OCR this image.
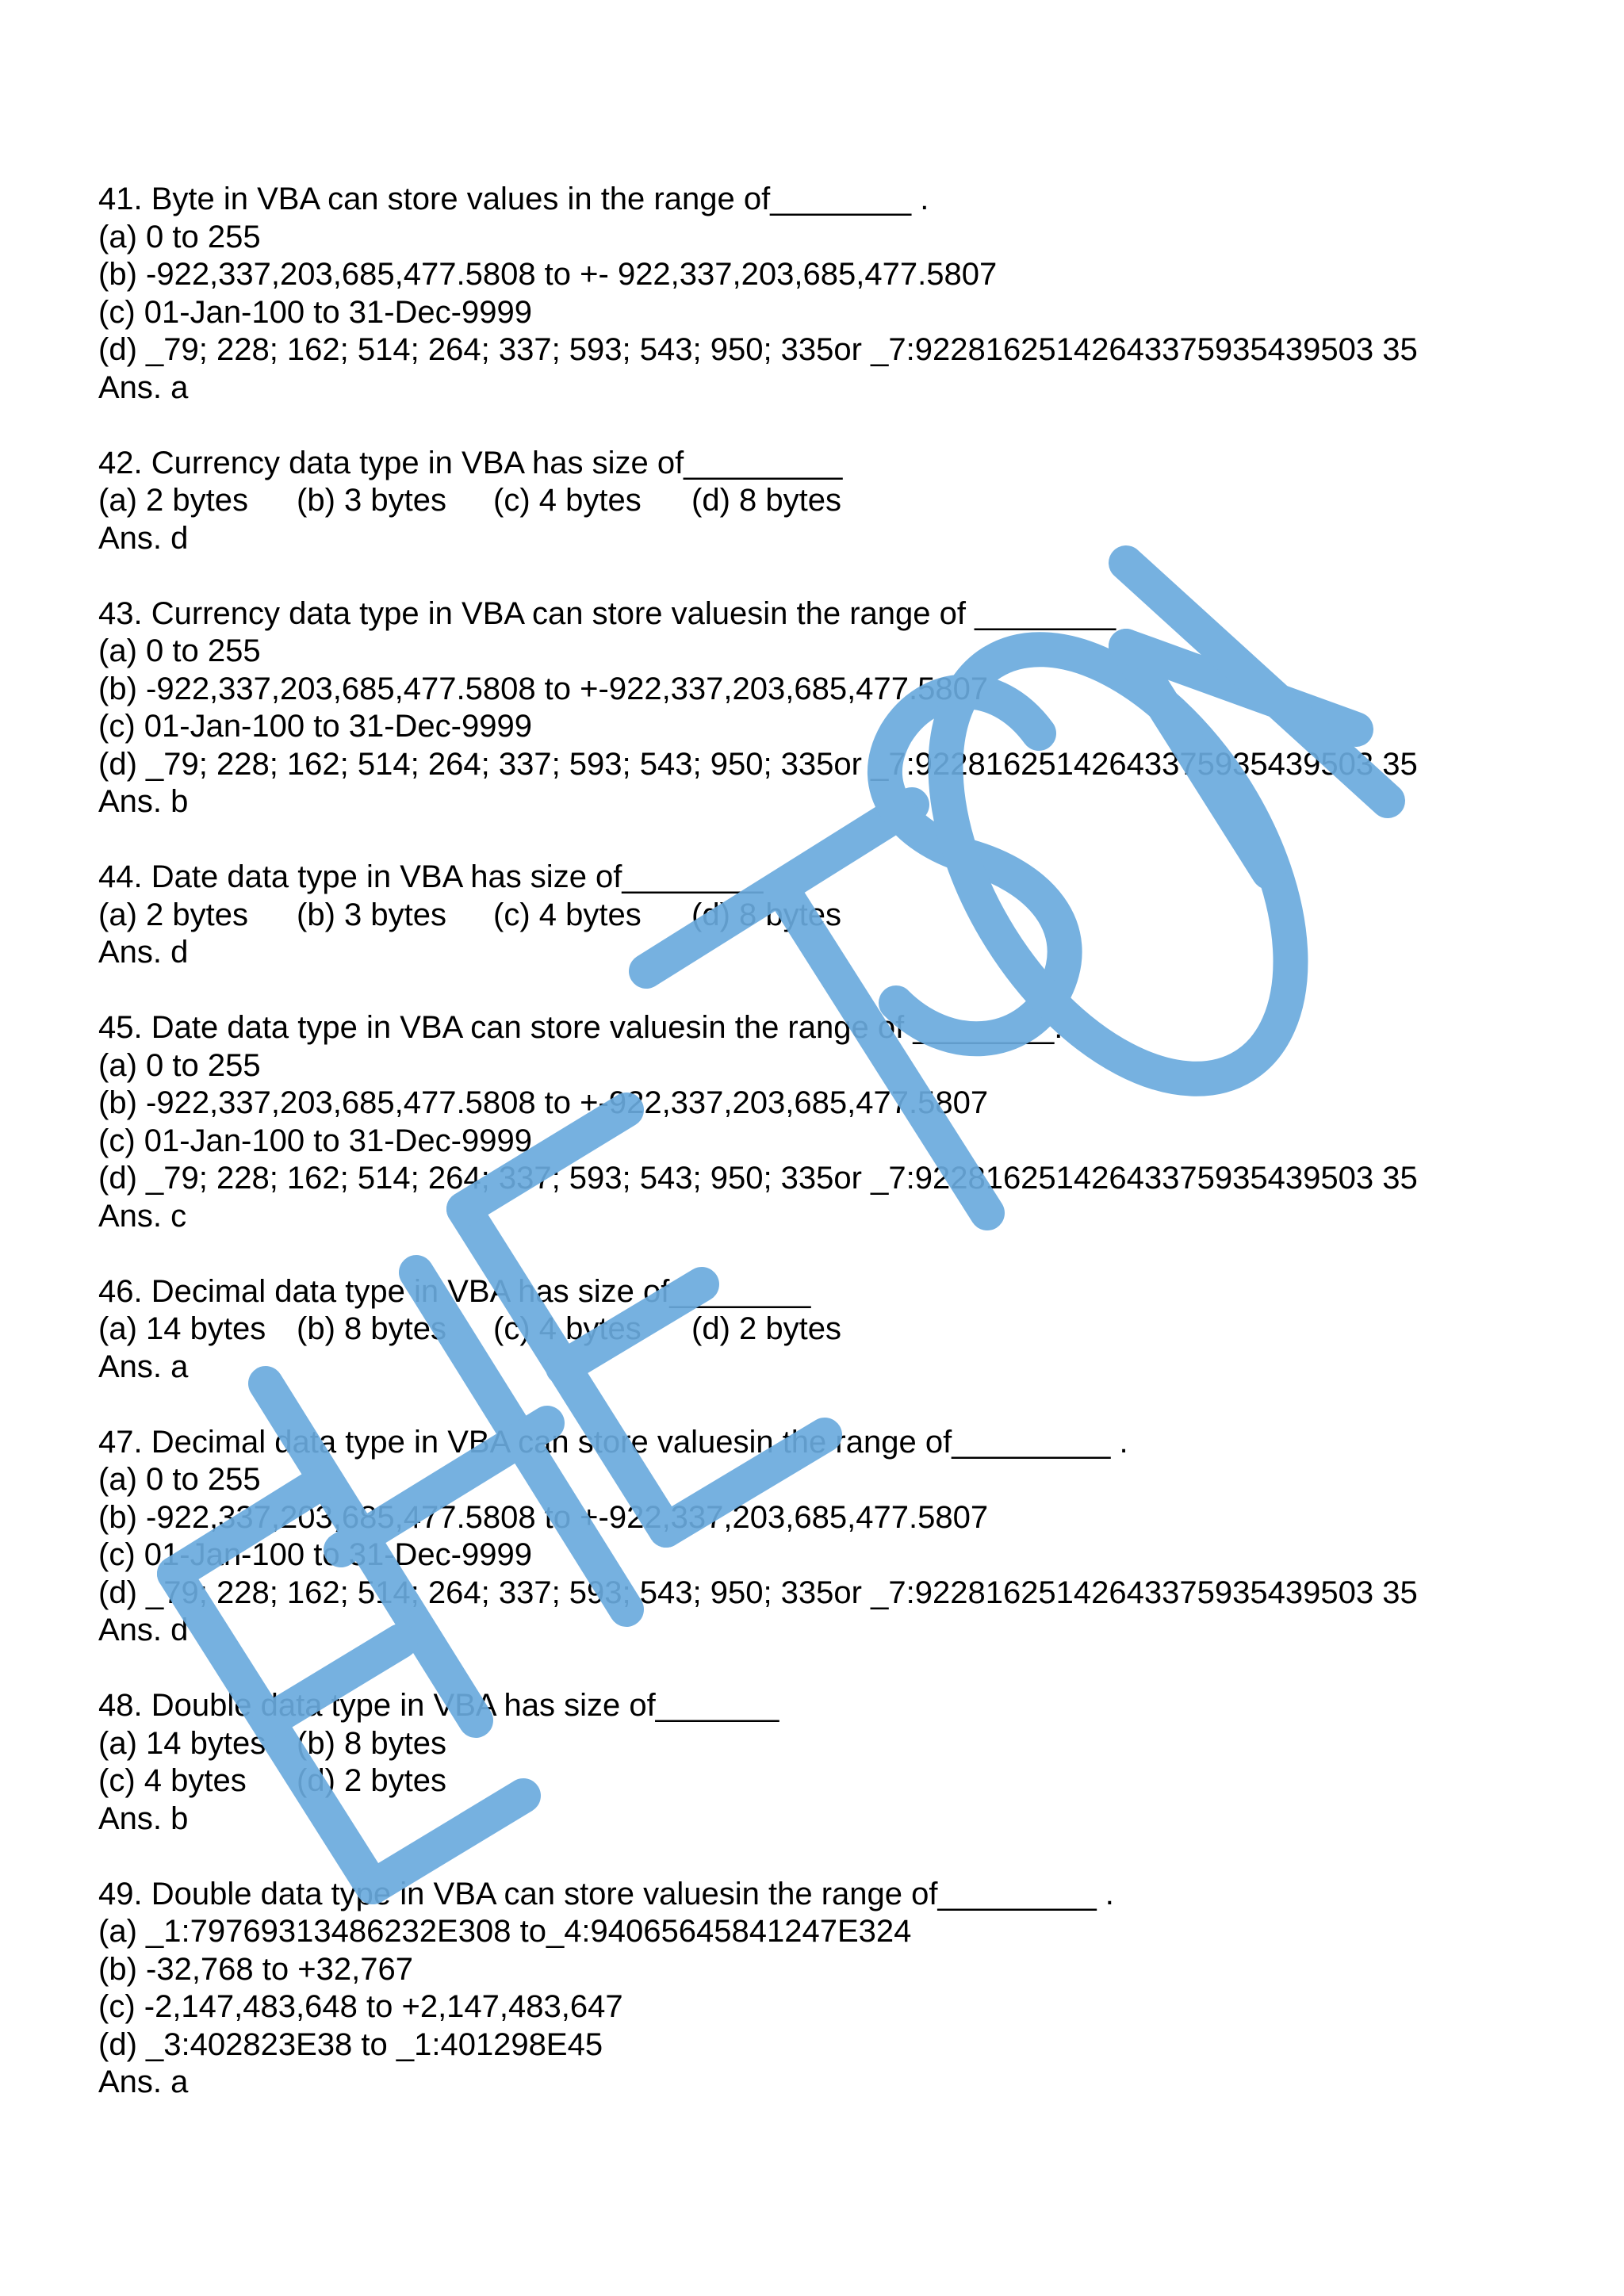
41. Byte in VBA can store values in the range of________ .
(a) 0 to 255
(b) -922,337,203,685,477.5808 to +- 922,337,203,685,477.5807
(c) 01-Jan-100 to 31-Dec-9999
(d) _79; 228; 162; 514; 264; 337; 593; 543; 950; 335or _7:92281625142643375935439503 35
Ans. a
42. Currency data type in VBA has size of_________
(a) 2 bytes (b) 3 bytes (c) 4 bytes (d) 8 bytes
Ans. d
43. Currency data type in VBA can store valuesin the range of ________
(a) 0 to 255
(b) -922,337,203,685,477.5808 to +-922,337,203,685,477.5807
(c) 01-Jan-100 to 31-Dec-9999
(d) _79; 228; 162; 514; 264; 337; 593; 543; 950; 335or _7:92281625142643375935439503 35
Ans. b
44. Date data type in VBA has size of________
(a) 2 bytes (b) 3 bytes (c) 4 bytes (d) 8 bytes
Ans. d
45. Date data type in VBA can store valuesin the range of ________.
(a) 0 to 255
(b) -922,337,203,685,477.5808 to +-922,337,203,685,477.5807
(c) 01-Jan-100 to 31-Dec-9999
(d) _79; 228; 162; 514; 264; 337; 593; 543; 950; 335or _7:92281625142643375935439503 35
Ans. c
46. Decimal data type in VBA has size of________
(a) 14 bytes (b) 8 bytes (c) 4 bytes (d) 2 bytes
Ans. a
47. Decimal data type in VBA can store valuesin the range of_________ .
(a) 0 to 255
(b) -922,337,203,685,477.5808 to +-922,337,203,685,477.5807
(c) 01-Jan-100 to 31-Dec-9999
(d) _79; 228; 162; 514; 264; 337; 593; 543; 950; 335or _7:92281625142643375935439503 35
Ans. d
48. Double data type in VBA has size of_______
(a) 14 bytes (b) 8 bytes
(c) 4 bytes (d) 2 bytes
Ans. b
49. Double data type in VBA can store valuesin the range of_________ .
(a) _1:79769313486232E308 to_4:94065645841247E324
(b) -32,768 to +32,767
(c) -2,147,483,648 to +2,147,483,647
(d) _3:402823E38 to _1:401298E45
Ans. a
